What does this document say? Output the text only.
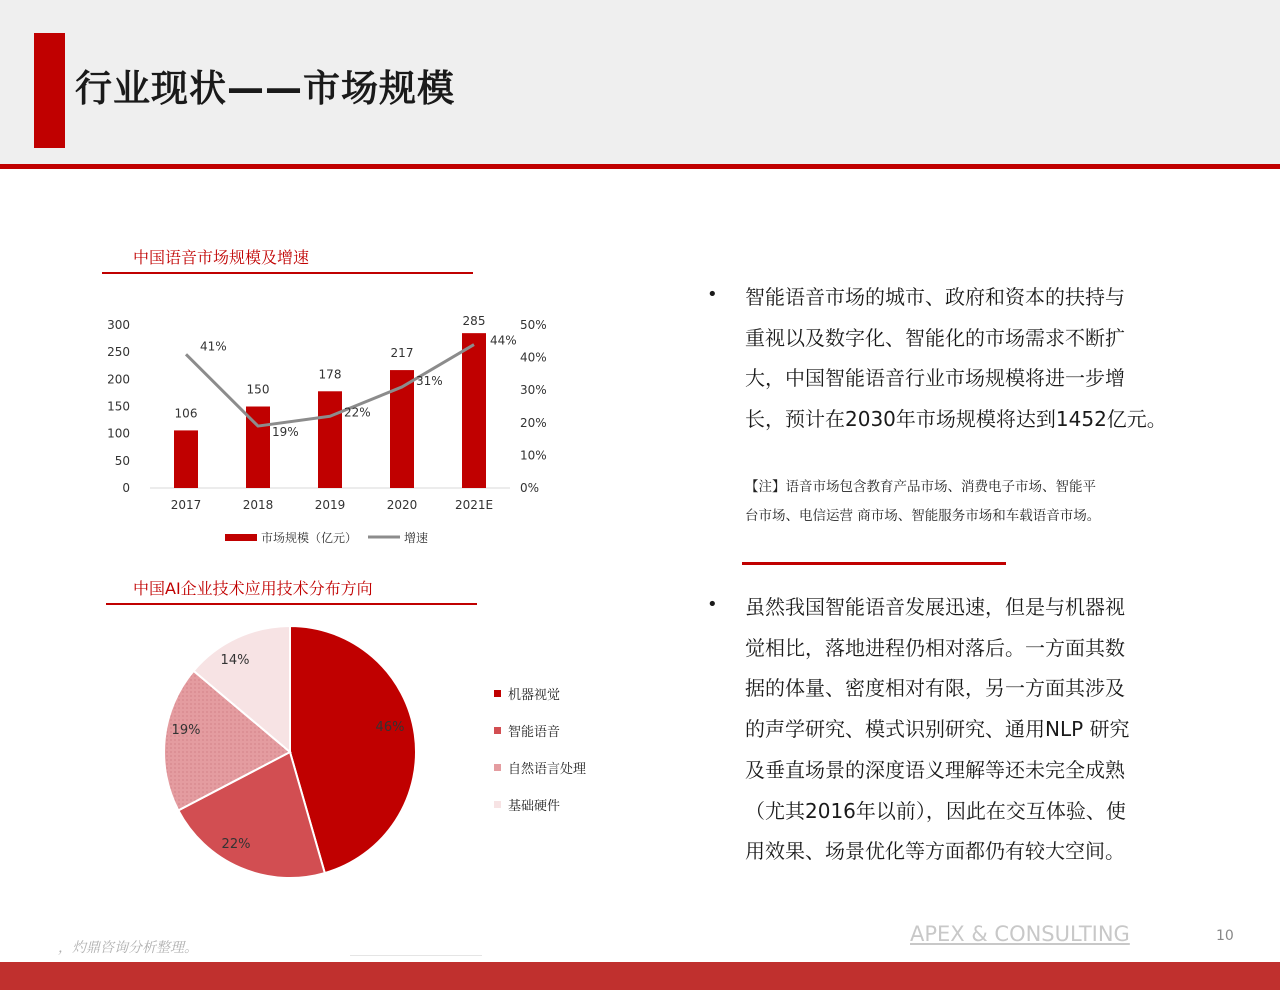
行业现状——市场规模
中国语音市场规模及增速
0
50
100
150
200
250
300
0%
10%
20%
30%
40%
50%
106
2017
150
2018
178
2019
217
2020
285
2021E
41%
19%
22%
31%
44%
市场规模（亿元）	增速
中国AI企业技术应用技术分布方向
46%
22%
19%
14%
机器视觉
智能语音
自然语言处理
基础硬件
• 智能语音市场的城市、政府和资本的扶持与
重视以及数字化、智能化的市场需求不断扩
大，中国智能语音行业市场规模将进一步增
长，预计在2030年市场规模将达到1452亿元。
【注】语音市场包含教育产品市场、消费电子市场、智能平
台市场、电信运营 商市场、智能服务市场和车载语音市场。
• 虽然我国智能语音发展迅速，但是与机器视
觉相比，落地进程仍相对落后。一方面其数
据的体量、密度相对有限，另一方面其涉及
的声学研究、模式识别研究、通用NLP 研究
及垂直场景的深度语义理解等还未完全成熟
（尤其2016年以前），因此在交互体验、使
用效果、场景优化等方面都仍有较大空间。
，灼鼎咨询分析整理。
APEX & CONSULTING	10
